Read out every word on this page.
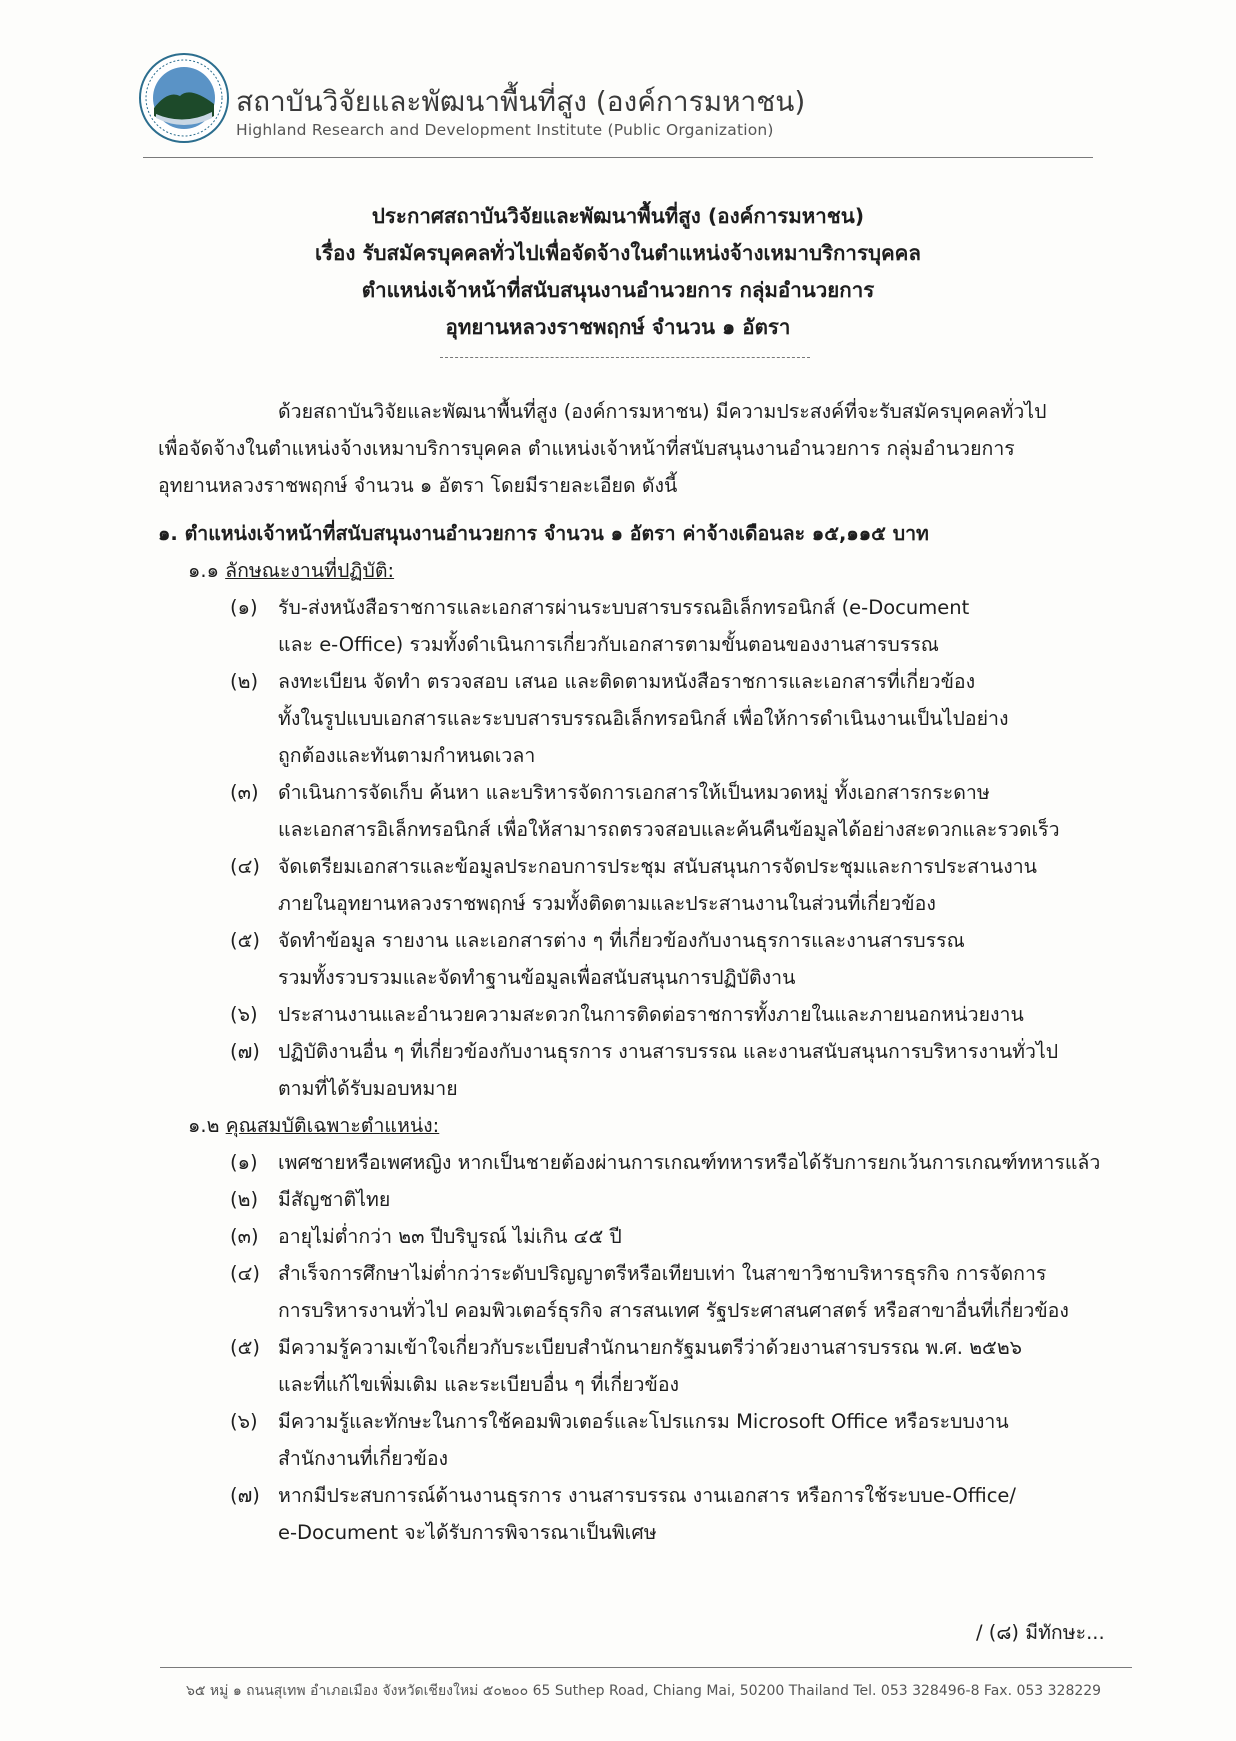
สถาบันวิจัยและพัฒนาพื้นที่สูง (องค์การมหาชน)
Highland Research and Development Institute (Public Organization)
ประกาศสถาบันวิจัยและพัฒนาพื้นที่สูง (องค์การมหาชน)
เรื่อง รับสมัครบุคคลทั่วไปเพื่อจัดจ้างในตำแหน่งจ้างเหมาบริการบุคคล
ตำแหน่งเจ้าหน้าที่สนับสนุนงานอำนวยการ กลุ่มอำนวยการ
อุทยานหลวงราชพฤกษ์ จำนวน ๑ อัตรา

ด้วยสถาบันวิจัยและพัฒนาพื้นที่สูง (องค์การมหาชน) มีความประสงค์ที่จะรับสมัครบุคคลทั่วไป

เพื่อจัดจ้างในตำแหน่งจ้างเหมาบริการบุคคล ตำแหน่งเจ้าหน้าที่สนับสนุนงานอำนวยการ กลุ่มอำนวยการ

อุทยานหลวงราชพฤกษ์ จำนวน ๑ อัตรา โดยมีรายละเอียด ดังนี้

๑. ตำแหน่งเจ้าหน้าที่สนับสนุนงานอำนวยการ จำนวน ๑ อัตรา ค่าจ้างเดือนละ ๑๕,๑๑๕ บาท
๑.๑ ลักษณะงานที่ปฏิบัติ:
(๑)	รับ-ส่งหนังสือราชการและเอกสารผ่านระบบสารบรรณอิเล็กทรอนิกส์ (e-Document
และ e-Office) รวมทั้งดำเนินการเกี่ยวกับเอกสารตามขั้นตอนของงานสารบรรณ
(๒)	ลงทะเบียน จัดทำ ตรวจสอบ เสนอ และติดตามหนังสือราชการและเอกสารที่เกี่ยวข้อง
ทั้งในรูปแบบเอกสารและระบบสารบรรณอิเล็กทรอนิกส์ เพื่อให้การดำเนินงานเป็นไปอย่าง
ถูกต้องและทันตามกำหนดเวลา
(๓) ดำเนินการจัดเก็บ ค้นหา และบริหารจัดการเอกสารให้เป็นหมวดหมู่ ทั้งเอกสารกระดาษ
และเอกสารอิเล็กทรอนิกส์ เพื่อให้สามารถตรวจสอบและค้นคืนข้อมูลได้อย่างสะดวกและรวดเร็ว
(๔) จัดเตรียมเอกสารและข้อมูลประกอบการประชุม สนับสนุนการจัดประชุมและการประสานงาน
ภายในอุทยานหลวงราชพฤกษ์ รวมทั้งติดตามและประสานงานในส่วนที่เกี่ยวข้อง
(๕) จัดทำข้อมูล รายงาน และเอกสารต่าง ๆ ที่เกี่ยวข้องกับงานธุรการและงานสารบรรณ
รวมทั้งรวบรวมและจัดทำฐานข้อมูลเพื่อสนับสนุนการปฏิบัติงาน
(๖)	ประสานงานและอำนวยความสะดวกในการติดต่อราชการทั้งภายในและภายนอกหน่วยงาน
(๗) ปฏิบัติงานอื่น ๆ ที่เกี่ยวข้องกับงานธุรการ งานสารบรรณ และงานสนับสนุนการบริหารงานทั่วไป
ตามที่ได้รับมอบหมาย
๑.๒ คุณสมบัติเฉพาะตำแหน่ง:
(๑)	เพศชายหรือเพศหญิง หากเป็นชายต้องผ่านการเกณฑ์ทหารหรือได้รับการยกเว้นการเกณฑ์ทหารแล้ว
(๒)	มีสัญชาติไทย
(๓) อายุไม่ต่ำกว่า ๒๓ ปีบริบูรณ์ ไม่เกิน ๔๕ ปี
(๔) สำเร็จการศึกษาไม่ต่ำกว่าระดับปริญญาตรีหรือเทียบเท่า ในสาขาวิชาบริหารธุรกิจ การจัดการ
การบริหารงานทั่วไป คอมพิวเตอร์ธุรกิจ สารสนเทศ รัฐประศาสนศาสตร์ หรือสาขาอื่นที่เกี่ยวข้อง
(๕) มีความรู้ความเข้าใจเกี่ยวกับระเบียบสำนักนายกรัฐมนตรีว่าด้วยงานสารบรรณ พ.ศ. ๒๕๒๖
และที่แก้ไขเพิ่มเติม และระเบียบอื่น ๆ ที่เกี่ยวข้อง
(๖)	มีความรู้และทักษะในการใช้คอมพิวเตอร์และโปรแกรม Microsoft Office หรือระบบงาน
สำนักงานที่เกี่ยวข้อง
(๗) หากมีประสบการณ์ด้านงานธุรการ งานสารบรรณ งานเอกสาร หรือการใช้ระบบe-Office/
e-Document จะได้รับการพิจารณาเป็นพิเศษ
/ (๘) มีทักษะ...
๖๕ หมู่ ๑ ถนนสุเทพ อำเภอเมือง จังหวัดเชียงใหม่ ๕๐๒๐๐ 65 Suthep Road, Chiang Mai, 50200 Thailand Tel. 053 328496-8 Fax. 053 328229
